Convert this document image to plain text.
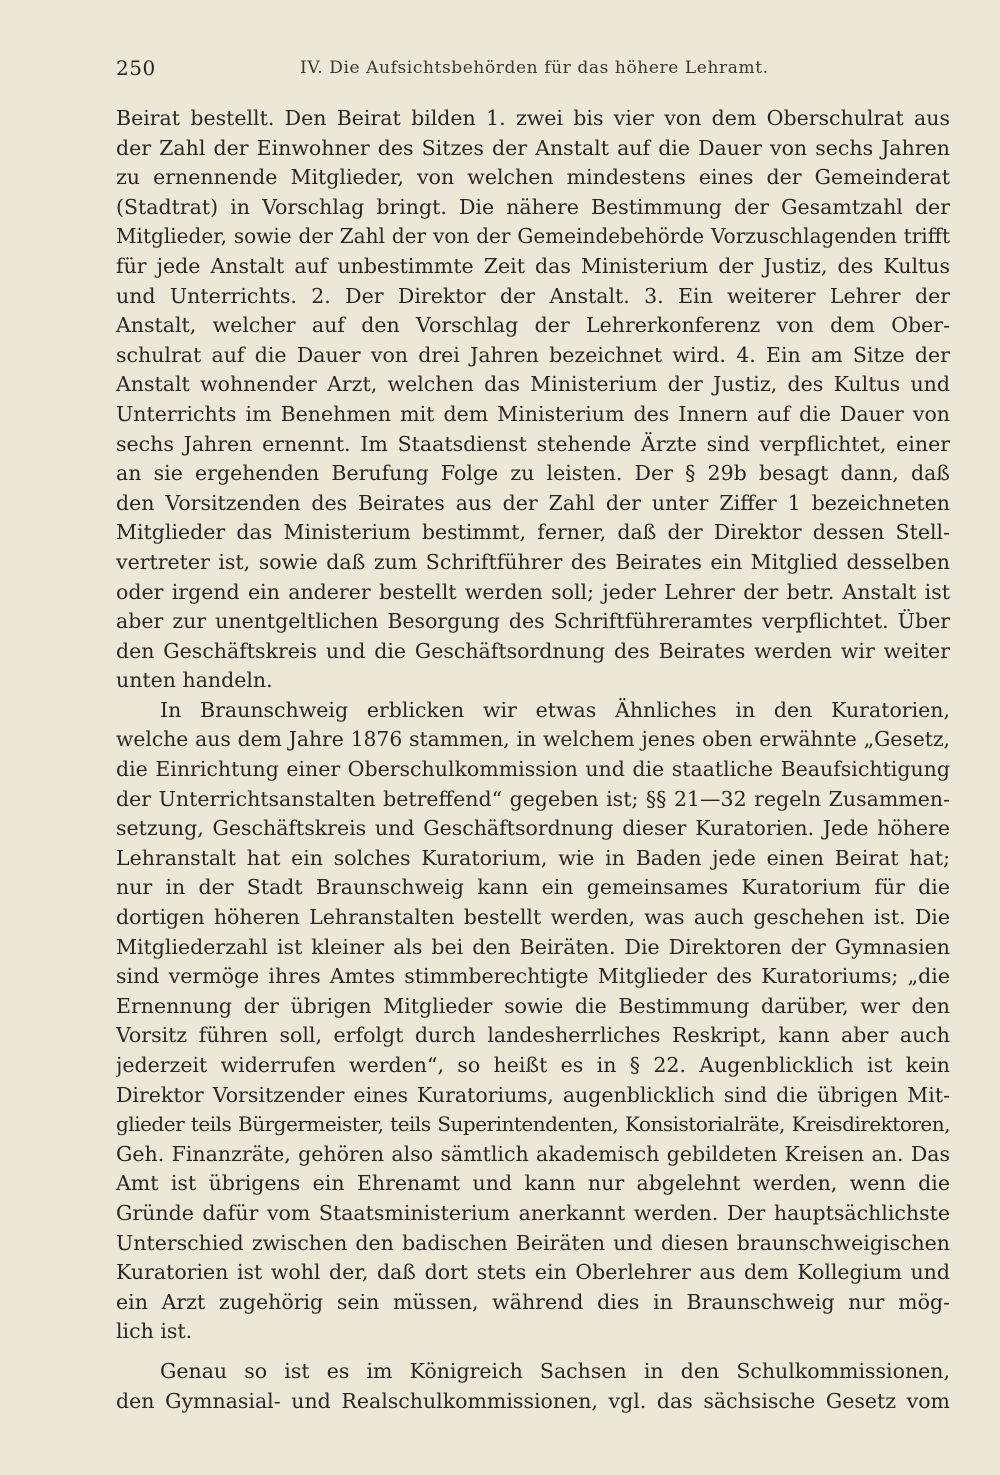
250	IV. Die Aufsichtsbehörden für das höhere Lehramt.
Beirat bestellt. Den Beirat bilden 1. zwei bis vier von dem Oberschulrat aus
der Zahl der Einwohner des Sitzes der Anstalt auf die Dauer von sechs Jahren
zu ernennende Mitglieder, von welchen mindestens eines der Gemeinderat
(Stadtrat) in Vorschlag bringt. Die nähere Bestimmung der Gesamtzahl der
Mitglieder, sowie der Zahl der von der Gemeindebehörde Vorzuschlagenden trifft
für jede Anstalt auf unbestimmte Zeit das Ministerium der Justiz, des Kultus
und Unterrichts. 2. Der Direktor der Anstalt. 3. Ein weiterer Lehrer der
Anstalt, welcher auf den Vorschlag der Lehrerkonferenz von dem Ober-
schulrat auf die Dauer von drei Jahren bezeichnet wird. 4. Ein am Sitze der
Anstalt wohnender Arzt, welchen das Ministerium der Justiz, des Kultus und
Unterrichts im Benehmen mit dem Ministerium des Innern auf die Dauer von
sechs Jahren ernennt. Im Staatsdienst stehende Ärzte sind verpflichtet, einer
an sie ergehenden Berufung Folge zu leisten. Der § 29b besagt dann, daß
den Vorsitzenden des Beirates aus der Zahl der unter Ziffer 1 bezeichneten
Mitglieder das Ministerium bestimmt, ferner, daß der Direktor dessen Stell-
vertreter ist, sowie daß zum Schriftführer des Beirates ein Mitglied desselben
oder irgend ein anderer bestellt werden soll; jeder Lehrer der betr. Anstalt ist
aber zur unentgeltlichen Besorgung des Schriftführeramtes verpflichtet. Über
den Geschäftskreis und die Geschäftsordnung des Beirates werden wir weiter
unten handeln.
In Braunschweig erblicken wir etwas Ähnliches in den Kuratorien,
welche aus dem Jahre 1876 stammen, in welchem jenes oben erwähnte „Gesetz,
die Einrichtung einer Oberschulkommission und die staatliche Beaufsichtigung
der Unterrichtsanstalten betreffend“ gegeben ist; §§ 21—32 regeln Zusammen-
setzung, Geschäftskreis und Geschäftsordnung dieser Kuratorien. Jede höhere
Lehranstalt hat ein solches Kuratorium, wie in Baden jede einen Beirat hat;
nur in der Stadt Braunschweig kann ein gemeinsames Kuratorium für die
dortigen höheren Lehranstalten bestellt werden, was auch geschehen ist. Die
Mitgliederzahl ist kleiner als bei den Beiräten. Die Direktoren der Gymnasien
sind vermöge ihres Amtes stimmberechtigte Mitglieder des Kuratoriums; „die
Ernennung der übrigen Mitglieder sowie die Bestimmung darüber, wer den
Vorsitz führen soll, erfolgt durch landesherrliches Reskript, kann aber auch
jederzeit widerrufen werden“, so heißt es in § 22. Augenblicklich ist kein
Direktor Vorsitzender eines Kuratoriums, augenblicklich sind die übrigen Mit-
glieder teils Bürgermeister, teils Superintendenten, Konsistorialräte, Kreisdirektoren,
Geh. Finanzräte, gehören also sämtlich akademisch gebildeten Kreisen an. Das
Amt ist übrigens ein Ehrenamt und kann nur abgelehnt werden, wenn die
Gründe dafür vom Staatsministerium anerkannt werden. Der hauptsächlichste
Unterschied zwischen den badischen Beiräten und diesen braunschweigischen
Kuratorien ist wohl der, daß dort stets ein Oberlehrer aus dem Kollegium und
ein Arzt zugehörig sein müssen, während dies in Braunschweig nur mög-
lich ist.
Genau so ist es im Königreich Sachsen in den Schulkommissionen,
den Gymnasial- und Realschulkommissionen, vgl. das sächsische Gesetz vom
